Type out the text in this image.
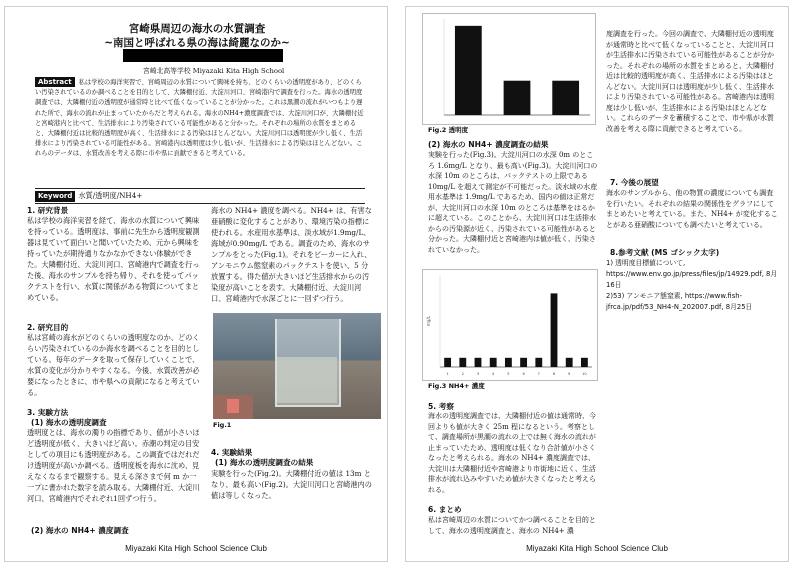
宮崎県周辺の海水の水質調査
~南国と呼ばれる県の海は綺麗なのか~
宮崎北高等学校 Miyazaki Kita High School
Abstract 私は学校の海洋実習で、宮崎周辺の水質について興味を持ち、どのくらいの透明度があり、どのくらい汚染されているのか調べることを目的として、大隣棚付近、大淀川河口、宮崎港内で調査を行った。海水の透明度調査では、大隣棚付近の透明度が通常時と比べて低くなっていることが分かった。これは黒潮の流れがいつもより遅れた所で、海水の流れが止まっていたからだと考えられる。海水のNH4+濃度調査では、大淀川河口が、大隣棚付近と宮崎港内と比べて、生活排水により汚染されている可能性があると分かった。それぞれの場所の水質をまとめると、大隣棚付近は比較的透明度が高く、生活排水による汚染はほとんどない。大淀川河口は透明度が少し低く、生活排水により汚染されている可能性がある。宮崎港内は透明度は少し低いが、生活排水による汚染はほとんどない。これらのデータは、水質改善を考える際に市や県に貢献できると考えている。
Keyword 水質/透明度/NH4+
1. 研究背景
私は学校の海洋実習を経て、海水の水質について興味を持っている。透明度は、事前に先生から透明度観測器は見ていて面白いと聞いていたため、元から興味を持っていたが期待通りなかなかできない体験ができた。大隣棚付近、大淀川河口、宮崎港内で調査を行った後、海水のサンプルを持ち帰り、それを使ってパックテストを行い、水質に関係がある物質についてまとめている。
2. 研究目的
私は宮崎の海水がどのくらいの透明度なのか、どのくらい汚染されているのか海水を調べることを目的としている。毎年のデータを取って保存していくことで、水質の変化が分かりやすくなる。今後、水質改善が必要になったときに、市や県への貢献になると考えている。
3. 実験方法
(1) 海水の透明度調査
透明度とは、海水の濁りの指標であり、値が小さいほど透明度が低く、大きいほど高い。赤潮の判定の目安としての項目にも透明度がある。この調査ではだれだけ透明度が高いか調べる。透明度板を海水に沈め、見えなくなるまで観察する。見える深さまで何 m か一一プに書かれた数字を読み取る。大隣棚付近、大淀川河口、宮崎港内でそれぞれ1回ずつ行う。
(2) 海水の NH4+ 濃度調査
海水の NH4+ 濃度を調べる。NH4+ は、有害な亜硝酸に変化することがあり、環境汚染の指標に使われる。水産用水基準は、淡水域が1.9mg/L、海域が0.90mg/L である。調査のため、海水のサンプルをとった(Fig.1)。それをビーカーに入れ、アンモニウム態窒素のパックテストを使い、5 分放置する。得た値が大きいほど生活排水からの汚染度が高いことを表す。大隣棚付近、大淀川河口、宮崎港内で水深ごとに一回ずつ行う。
Fig.1
4. 実験結果
(1) 海水の透明度調査の結果
実験を行った(Fig.2)。大隣棚付近の値は 13m となり、最も高い(Fig.2)。大淀川河口と宮崎港内の値は等しくなった。
Miyazaki Kita High School Science Club
Fig.2 透明度
(2) 海水の NH4+ 濃度調査の結果
実験を行った(Fig.3)。大淀川河口の水深 0m のところ 1.6mg/L となり、最も高い(Fig.3)。大淀川河口の水深 10m のところは、パックテストの上限である 10mg/L を超えて測定が不可能だった。淡水域の水産用水基準は 1.9mg/L であるため、国内の値は正常だが、大淀川河口の水深 10m のところは基準をはるかに超えている。このことから、大淀川河口は生活排水からの汚染源が近く、汚染されている可能性があると分かった。大隣棚付近と宮崎港内は値が低く、汚染されていなかった。
mg/L
1	2	3	4	5	6	7	8	9	10
Fig.3 NH4+ 濃度
5. 考察
海水の透明度調査では、大隣棚付近の値は通常時、今回よりも値が大きく 25m 程になるという。考察として、調査場所が黒潮の流れの上では無く海水の流れが止まっていたため、透明度は低くなり合計値が小さくなったと考えられる。海水の NH4+ 濃度調査では、大淀川は大隣棚付近や宮崎港より市街地に近く、生活排水が流れ込みやすいため値が大きくなったと考えられる。
6. まとめ
私は宮崎周辺の水質についてかつ調べることを目的として、海水の透明度調査と、海水の NH4+ 濃
度調査を行った。今回の調査で、大隣棚付近の透明度が通常時と比べて低くなっていることと、大淀川河口が生活排水に汚染されている可能性があることが分かった。それぞれの場所の水質をまとめると、大隣棚付近は比較的透明度が高く、生活排水による汚染はほとんどない。大淀川河口は透明度が少し低く、生活排水により汚染されている可能性がある。宮崎港内は透明度は少し低いが、生活排水による汚染はほとんどない。これらのデータを蓄積することで、市や県が水質改善を考える際に貢献できると考えている。
7. 今後の展望
海水のサンプルから、他の物質の濃度についても調査を行いたい。それぞれの結果の関係性をグラフにしてまとめたいと考えている。また、NH4+ が変化することがある亜硝酸についても調べたいと考えている。
8.参考文献 (MS ゴシック太字)
1) 透明度目標値について, https://www.env.go.jp/press/files/jp/14929.pdf, 8月16日
2)53) アンモニア態窒素, https://www.fish-jfrca.jp/pdf/53_NH4-N_202007.pdf, 8月25日
Miyazaki Kita High School Science Club
